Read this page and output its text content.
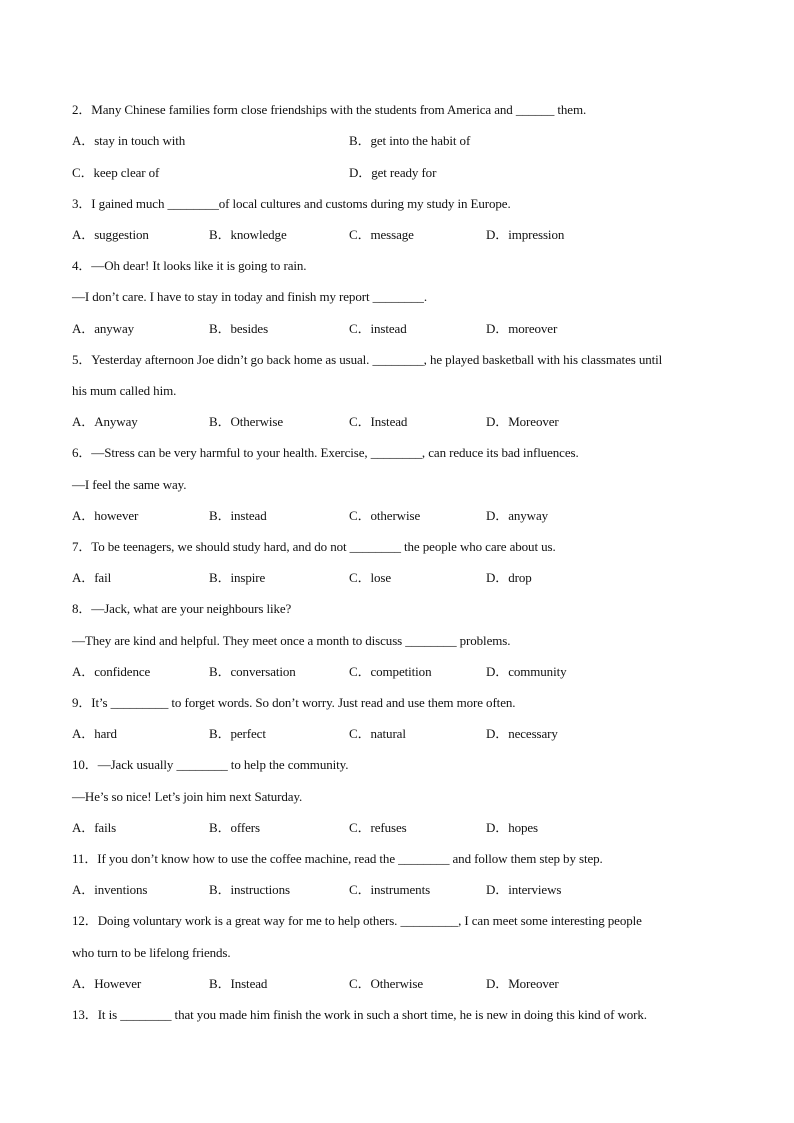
2．Many Chinese families form close friendships with the students from America and ______ them.
A．stay in touch with	B．get into the habit of
C．keep clear of	D．get ready for
3．I gained much ________of local cultures and customs during my study in Europe.
A．suggestion	B．knowledge	C．message	D．impression
4．—Oh dear! It looks like it is going to rain.
—I don’t care. I have to stay in today and finish my report ________.
A．anyway	B．besides	C．instead	D．moreover
5．Yesterday afternoon Joe didn’t go back home as usual. ________, he played basketball with his classmates until
his mum called him.
A．Anyway	B．Otherwise	C．Instead	D．Moreover
6．—Stress can be very harmful to your health. Exercise, ________, can reduce its bad influences.
—I feel the same way.
A．however	B．instead	C．otherwise	D．anyway
7．To be teenagers, we should study hard, and do not ________ the people who care about us.
A．fail	B．inspire	C．lose	D．drop
8．—Jack, what are your neighbours like?
—They are kind and helpful. They meet once a month to discuss ________ problems.
A．confidence	B．conversation	C．competition	D．community
9．It’s _________ to forget words. So don’t worry. Just read and use them more often.
A．hard	B．perfect	C．natural	D．necessary
10．—Jack usually ________ to help the community.
—He’s so nice! Let’s join him next Saturday.
A．fails	B．offers	C．refuses	D．hopes
11．If you don’t know how to use the coffee machine, read the ________ and follow them step by step.
A．inventions	B．instructions	C．instruments	D．interviews
12．Doing voluntary work is a great way for me to help others. _________, I can meet some interesting people
who turn to be lifelong friends.
A．However	B．Instead	C．Otherwise	D．Moreover
13．It is ________ that you made him finish the work in such a short time, he is new in doing this kind of work.
